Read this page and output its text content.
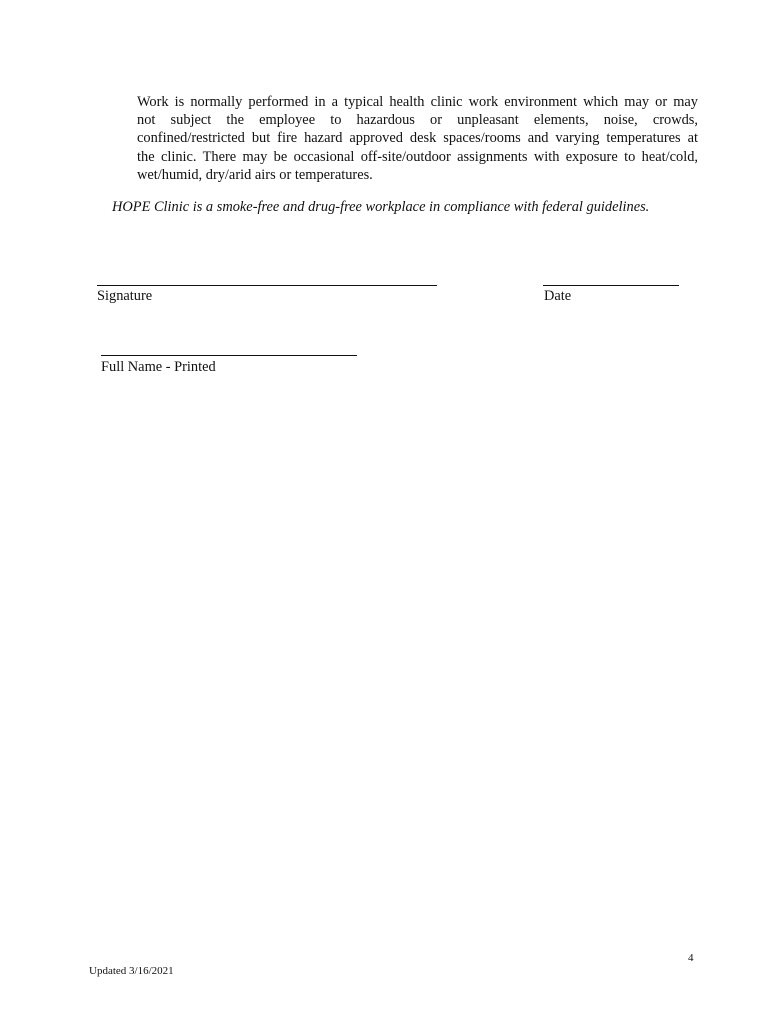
Work is normally performed in a typical health clinic work environment which may or may
not subject the employee to hazardous or unpleasant elements, noise, crowds,
confined/restricted but fire hazard approved desk spaces/rooms and varying temperatures at
the clinic. There may be occasional off-site/outdoor assignments with exposure to heat/cold,
wet/humid, dry/arid airs or temperatures.
HOPE Clinic is a smoke-free and drug-free workplace in compliance with federal guidelines.
Signature	Date
Full Name - Printed
4
Updated 3/16/2021
